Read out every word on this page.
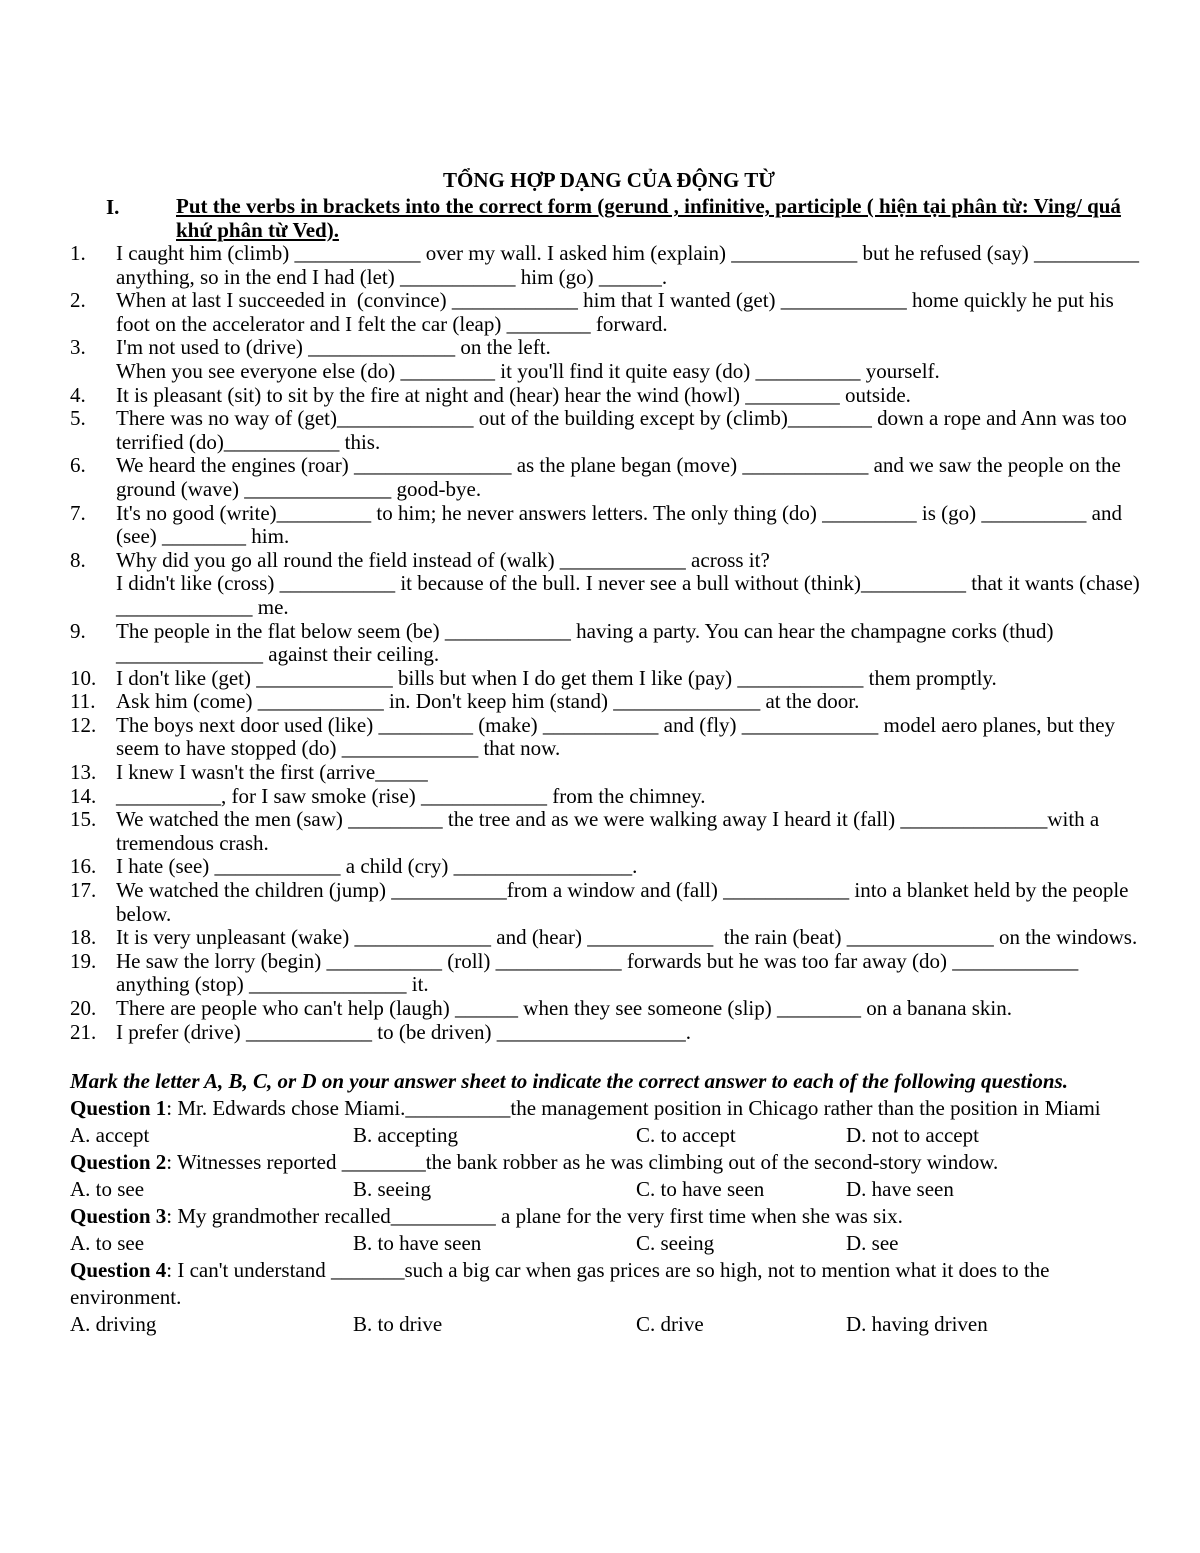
TỔNG HỢP DẠNG CỦA ĐỘNG TỪ
I.	Put the verbs in brackets into the correct form (gerund , infinitive, participle ( hiện tại phân từ: Ving/ quá khứ phân từ Ved).
1.	I caught him (climb) ____________ over my wall. I asked him (explain) ____________ but he refused (say) __________ anything, so in the end I had (let) ___________ him (go) ______.
2.	When at last I succeeded in  (convince) ____________ him that I wanted (get) ____________ home quickly he put his foot on the accelerator and I felt the car (leap) ________ forward.
3.	I'm not used to (drive) ______________ on the left.
When you see everyone else (do) _________ it you'll find it quite easy (do) __________ yourself.
4.	It is pleasant (sit) to sit by the fire at night and (hear) hear the wind (howl) _________ outside.
5.	There was no way of (get)_____________ out of the building except by (climb)________ down a rope and Ann was too terrified (do)___________ this.
6.	We heard the engines (roar) _______________ as the plane began (move) ____________ and we saw the people on the ground (wave) ______________ good-bye.
7.	It's no good (write)_________ to him; he never answers letters. The only thing (do) _________ is (go) __________ and (see) ________ him.
8.	Why did you go all round the field instead of (walk) ____________ across it?
I didn't like (cross) ___________ it because of the bull. I never see a bull without (think)__________ that it wants (chase) _____________ me.
9.	The people in the flat below seem (be) ____________ having a party. You can hear the champagne corks (thud) ______________ against their ceiling.
10. I don't like (get) _____________ bills but when I do get them I like (pay) ____________ them promptly.
11. Ask him (come) ____________ in. Don't keep him (stand) ______________ at the door.
12. The boys next door used (like) _________ (make) ___________ and (fly) _____________ model aero planes, but they seem to have stopped (do) _____________ that now.
13. I knew I wasn't the first (arrive_____
14. __________, for I saw smoke (rise) ____________ from the chimney.
15. We watched the men (saw) _________ the tree and as we were walking away I heard it (fall) ______________with a tremendous crash.
16. I hate (see) ____________ a child (cry) _________________.
17. We watched the children (jump) ___________from a window and (fall) ____________ into a blanket held by the people below.
18. It is very unpleasant (wake) _____________ and (hear) ____________  the rain (beat) ______________ on the windows.
19. He saw the lorry (begin) ___________ (roll) ____________ forwards but he was too far away (do) ____________ anything (stop) _______________ it.
20. There are people who can't help (laugh) ______ when they see someone (slip) ________ on a banana skin.
21. I prefer (drive) ____________ to (be driven) __________________.
Mark the letter A, B, C, or D on your answer sheet to indicate the correct answer to each of the following questions.
Question 1: Mr. Edwards chose Miami.__________the management position in Chicago rather than the position in Miami
A. accept	B. accepting	C. to accept	D. not to accept
Question 2: Witnesses reported ________the bank robber as he was climbing out of the second-story window.
A. to see	B. seeing	C. to have seen	D. have seen
Question 3: My grandmother recalled__________ a plane for the very first time when she was six.
A. to see	B. to have seen	C. seeing	D. see
Question 4: I can't understand _______such a big car when gas prices are so high, not to mention what it does to the environment.
A. driving	B. to drive	C. drive	D. having driven
